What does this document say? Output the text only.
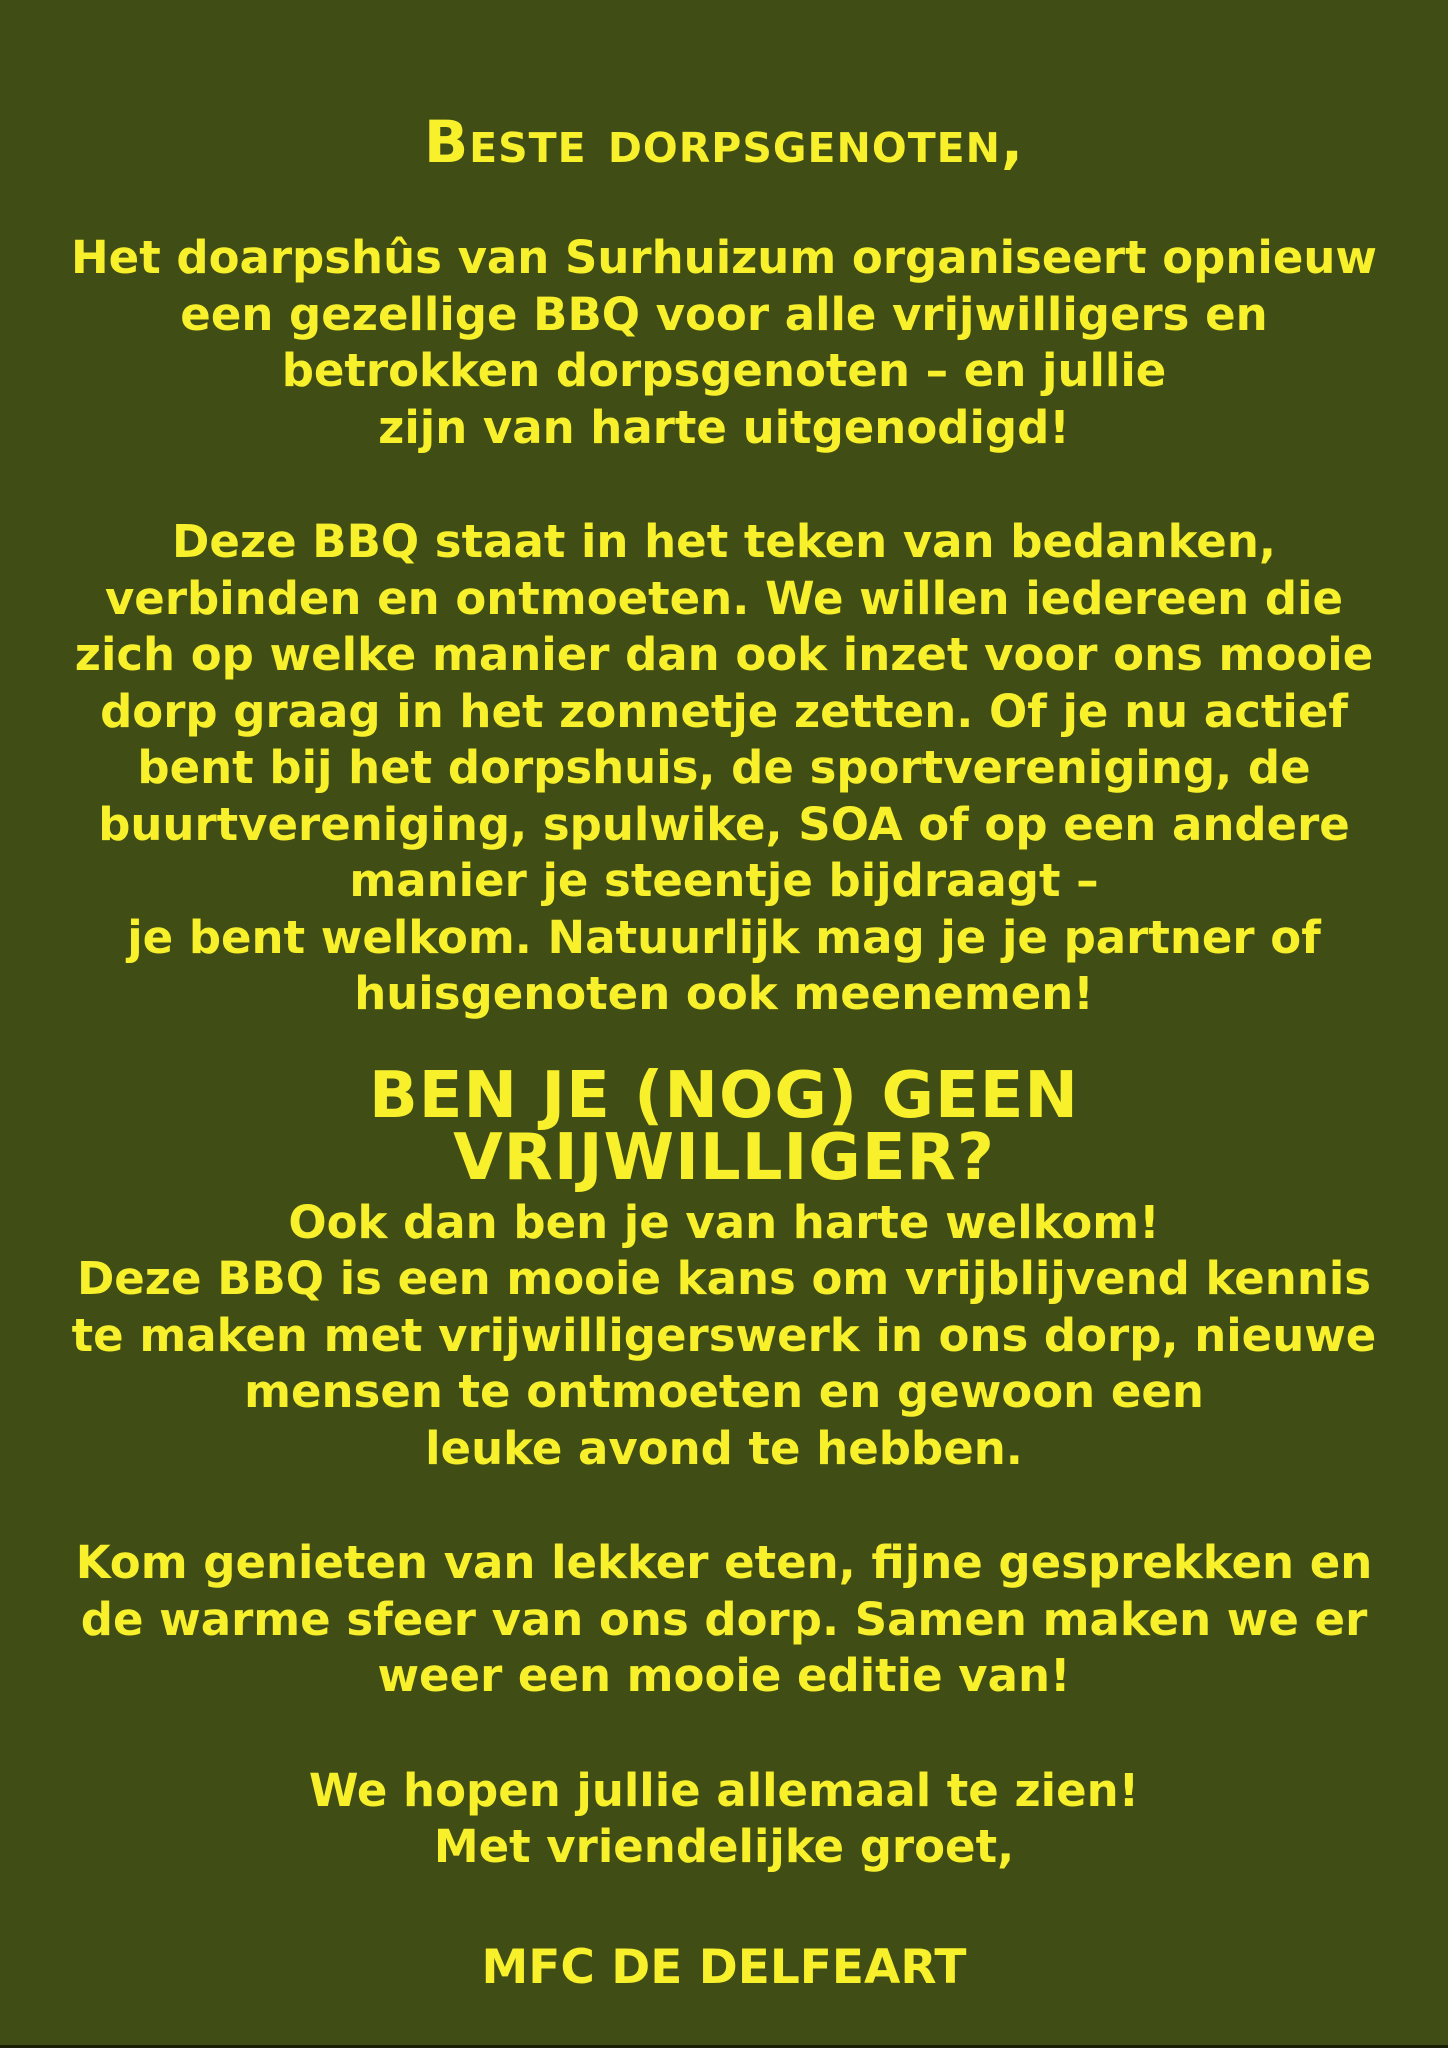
Beste dorpsgenoten,

Het doarpshûs van Surhuizum organiseert opnieuw
een gezellige BBQ voor alle vrijwilligers en
betrokken dorpsgenoten – en jullie
zijn van harte uitgenodigd!

Deze BBQ staat in het teken van bedanken,
verbinden en ontmoeten. We willen iedereen die
zich op welke manier dan ook inzet voor ons mooie
dorp graag in het zonnetje zetten. Of je nu actief
bent bij het dorpshuis, de sportvereniging, de
buurtvereniging, spulwike, SOA of op een andere
manier je steentje bijdraagt –
je bent welkom. Natuurlijk mag je je partner of
huisgenoten ook meenemen!

BEN JE (NOG) GEEN
VRIJWILLIGER?

Ook dan ben je van harte welkom!
Deze BBQ is een mooie kans om vrijblijvend kennis
te maken met vrijwilligerswerk in ons dorp, nieuwe
mensen te ontmoeten en gewoon een
leuke avond te hebben.

Kom genieten van lekker eten, fijne gesprekken en
de warme sfeer van ons dorp. Samen maken we er
weer een mooie editie van!

We hopen jullie allemaal te zien!
Met vriendelijke groet,

MFC DE DELFEART
